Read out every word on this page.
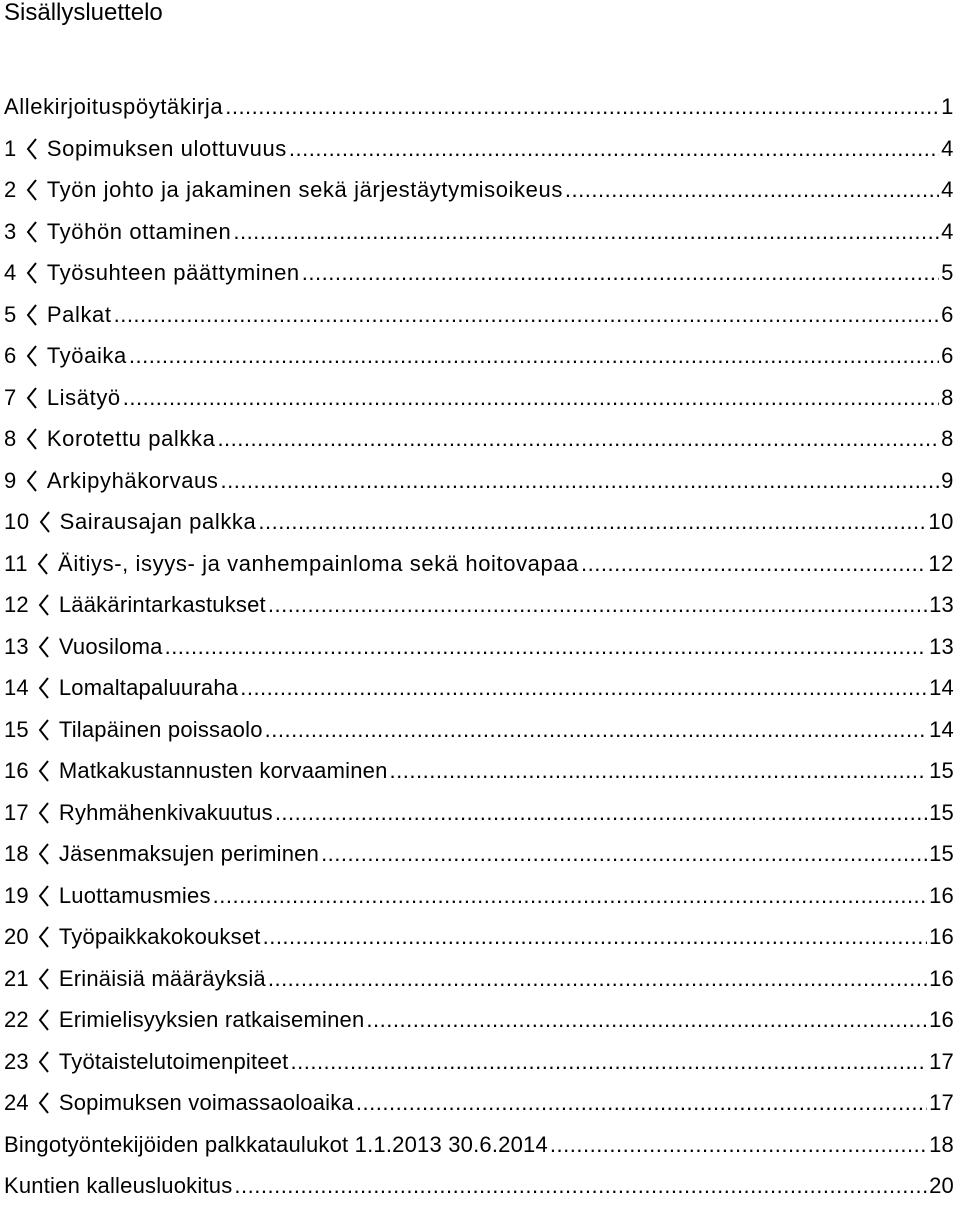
Sisällysluettelo
Allekirjoituspöytäkirja .....	1
1 Sopimuksen ulottuvuus .....	4
2 Työn johto ja jakaminen sekä järjestäytymisoikeus .....	4
3 Työhön ottaminen .....	4
4 Työsuhteen päättyminen .....	5
5 Palkat .....	6
6 Työaika .....	6
7 Lisätyö .....	8
8 Korotettu palkka .....	8
9 Arkipyhäkorvaus .....	9
10 Sairausajan palkka .....	10
11 Äitiys-, isyys- ja vanhempainloma sekä hoitovapaa .....	12
12 Lääkärintarkastukset .....	13
13 Vuosiloma .....	13
14 Lomaltapaluuraha .....	14
15 Tilapäinen poissaolo .....	14
16 Matkakustannusten korvaaminen .....	15
17 Ryhmähenkivakuutus .....	15
18 Jäsenmaksujen periminen .....	15
19 Luottamusmies .....	16
20 Työpaikkakokoukset .....	16
21 Erinäisiä määräyksiä .....	16
22 Erimielisyyksien ratkaiseminen .....	16
23 Työtaistelutoimenpiteet .....	17
24 Sopimuksen voimassaoloaika .....	17
Bingotyöntekijöiden palkkataulukot 1.1.2013 30.6.2014 .....	18
Kuntien kalleusluokitus .....	20
